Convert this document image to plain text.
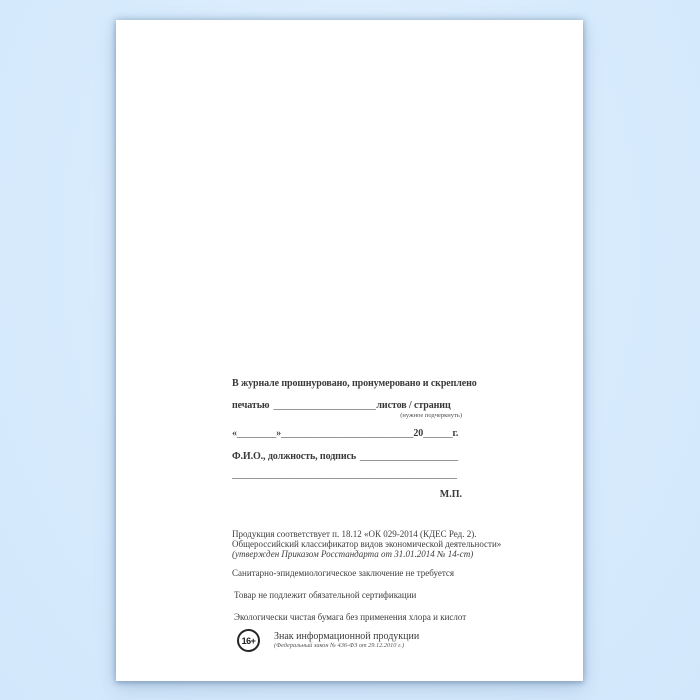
В журнале прошнуровано, пронумеровано и скреплено
печатью _____________________ листов / страниц
(нужное подчеркнуть)
«________»___________________________20______г.
Ф.И.О., должность, подпись ____________________
_____________________________________________
М.П.
Продукция соответствует п. 18.12 «ОК 029-2014 (КДЕС Ред. 2).
Общероссийский классификатор видов экономической деятельности»
(утвержден Приказом Росстандарта от 31.01.2014 № 14-ст)
Санитарно-эпидемиологическое заключение не требуется
Товар не подлежит обязательной сертификации
Экологически чистая бумага без применения хлора и кислот
16+	Знак информационной продукции
(Федеральный закон № 436-ФЗ от 29.12.2010 г.)
